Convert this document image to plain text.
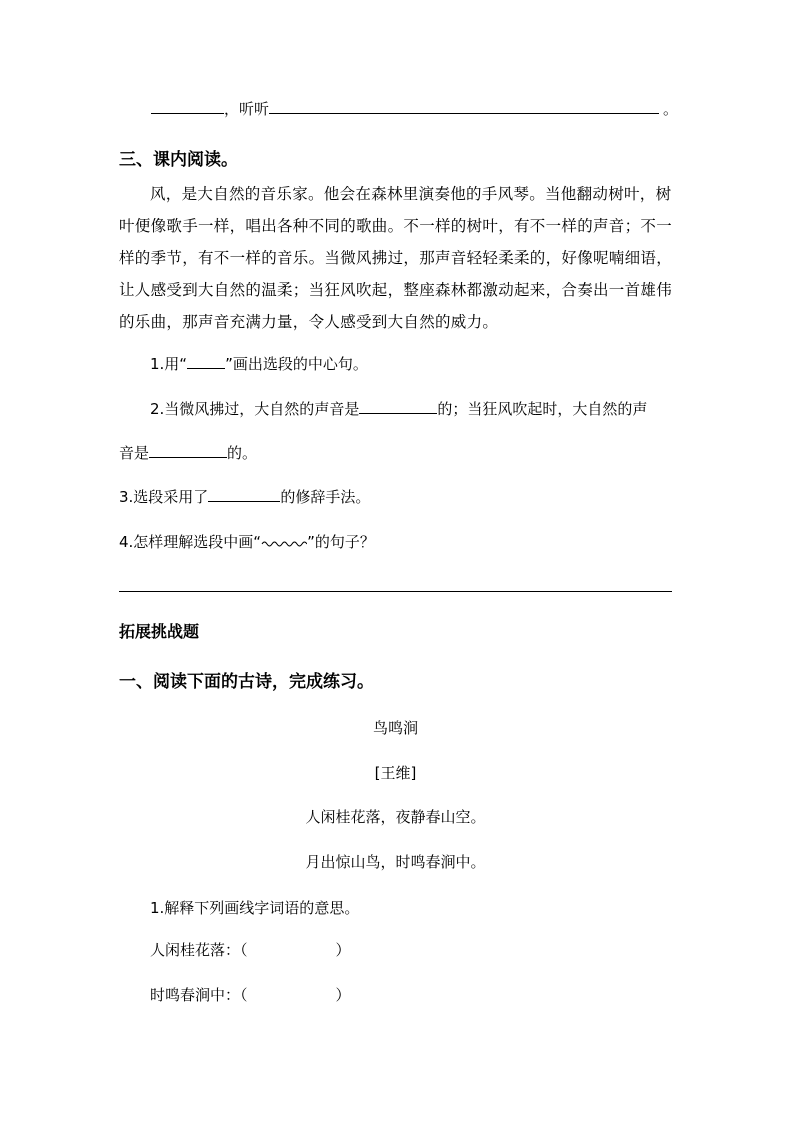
，听听	。
三、课内阅读。
风，是大自然的音乐家。他会在森林里演奏他的手风琴。当他翻动树叶，树叶便像歌手一样，唱出各种不同的歌曲。不一样的树叶，有不一样的声音；不一样的季节，有不一样的音乐。当微风拂过，那声音轻轻柔柔的，好像呢喃细语，让人感受到大自然的温柔；当狂风吹起，整座森林都激动起来，合奏出一首雄伟的乐曲，那声音充满力量，令人感受到大自然的威力。
1.用“	”画出选段的中心句。
2.当微风拂过，大自然的声音是	的；当狂风吹起时，大自然的声
音是	的。
3.选段采用了	的修辞手法。
4.怎样理解选段中画“	”的句子？
拓展挑战题
一、阅读下面的古诗，完成练习。
鸟鸣涧
[王维]
人闲桂花落，夜静春山空。
月出惊山鸟，时鸣春涧中。
1.解释下列画线字词语的意思。
人闲桂花落：（	）
时鸣春涧中：（	）
